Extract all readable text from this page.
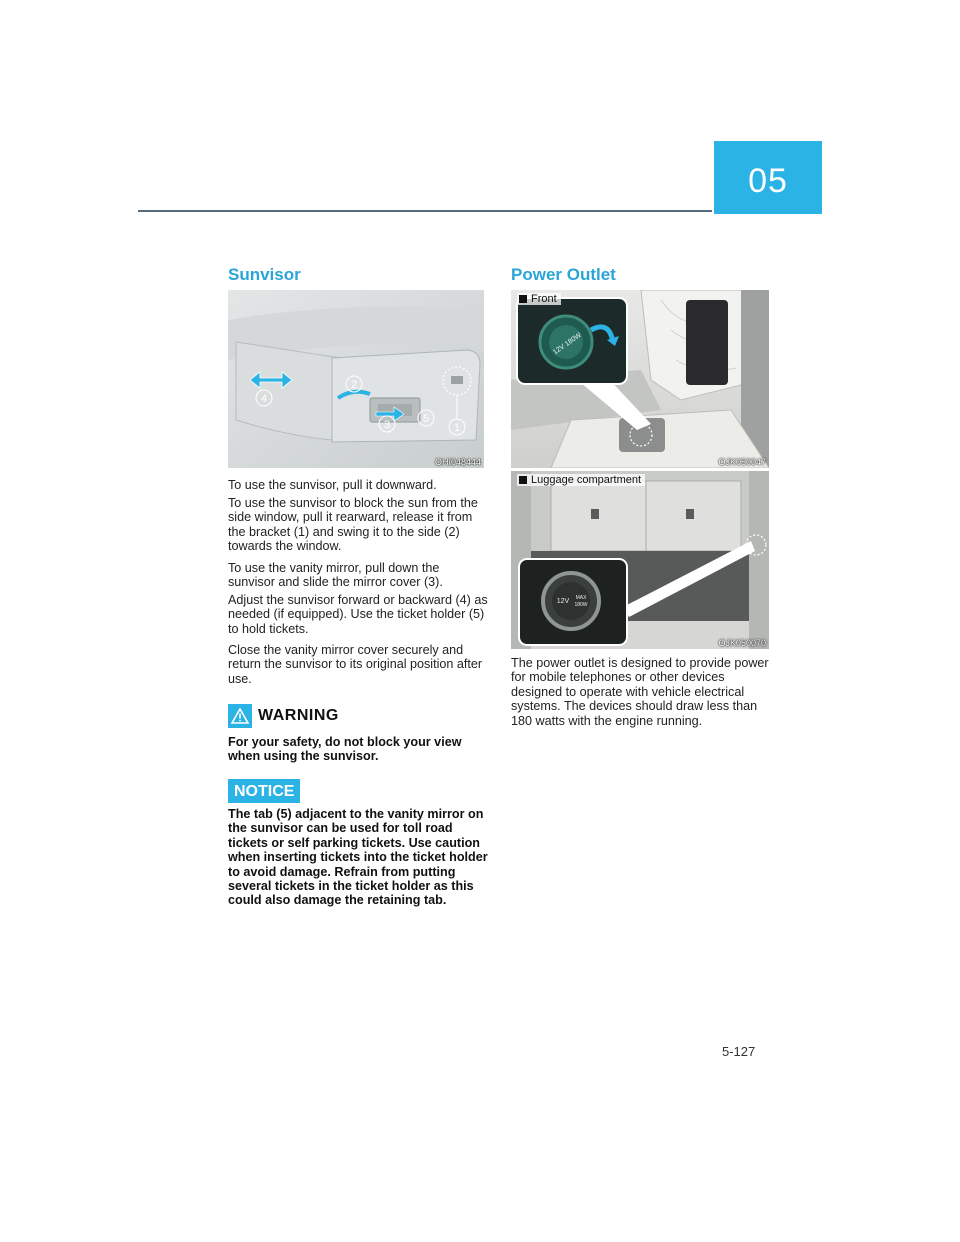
05
Sunvisor
1
2
3
4
5
OHI048444

To use the sunvisor, pull it downward.

To use the sunvisor to block the sun from the side window, pull it rearward, release it from the bracket (1) and swing it to the side (2) towards the window.

To use the vanity mirror, pull down the sunvisor and slide the mirror cover (3).

Adjust the sunvisor forward or backward (4) as needed (if equipped). Use the ticket holder (5) to hold tickets.

Close the vanity mirror cover securely and return the sunvisor to its original position after use.

WARNING

For your safety, do not block your view when using the sunvisor.

NOTICE

The tab (5) adjacent to the vanity mirror on the sunvisor can be used for toll road tickets or self parking tickets. Use caution when inserting tickets into the ticket holder to avoid damage. Refrain from putting several tickets in the ticket holder as this could also damage the retaining tab.

Power Outlet
12V 180W
Front
OJK050047
12V MAX
180W
Luggage compartment
OJK050070

The power outlet is designed to provide power for mobile telephones or other devices designed to operate with vehicle electrical systems. The devices should draw less than 180 watts with the engine running.

5-127
